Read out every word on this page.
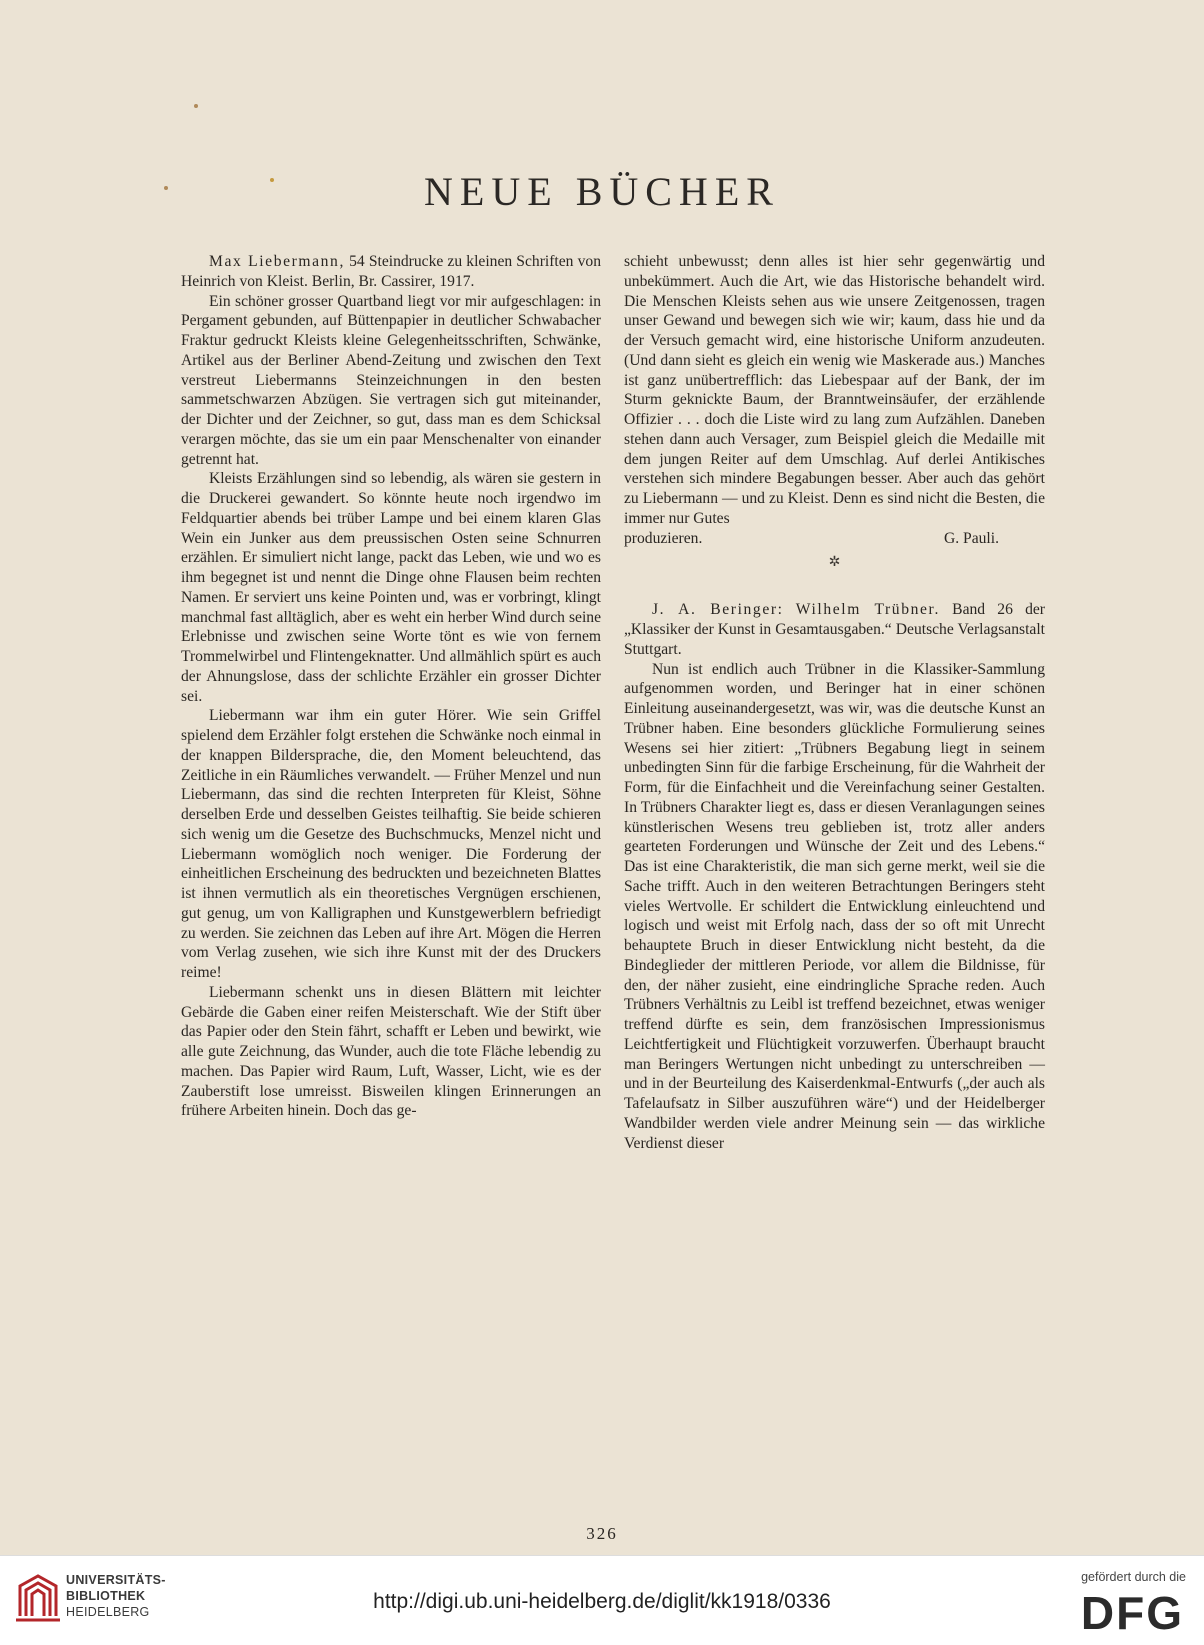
NEUE BÜCHER

Max Liebermann, 54 Steindrucke zu kleinen Schriften von Heinrich von Kleist. Berlin, Br. Cassirer, 1917.

Ein schöner grosser Quartband liegt vor mir aufgeschlagen: in Pergament gebunden, auf Büttenpapier in deutlicher Schwabacher Fraktur gedruckt Kleists kleine Gelegenheitsschriften, Schwänke, Artikel aus der Berliner Abend-Zeitung und zwischen den Text verstreut Liebermanns Steinzeichnungen in den besten sammetschwarzen Abzügen. Sie vertragen sich gut miteinander, der Dichter und der Zeichner, so gut, dass man es dem Schicksal verargen möchte, das sie um ein paar Menschenalter von einander getrennt hat.

Kleists Erzählungen sind so lebendig, als wären sie gestern in die Druckerei gewandert. So könnte heute noch irgendwo im Feldquartier abends bei trüber Lampe und bei einem klaren Glas Wein ein Junker aus dem preussischen Osten seine Schnurren erzählen. Er simuliert nicht lange, packt das Leben, wie und wo es ihm begegnet ist und nennt die Dinge ohne Flausen beim rechten Namen. Er serviert uns keine Pointen und, was er vorbringt, klingt manchmal fast alltäglich, aber es weht ein herber Wind durch seine Erlebnisse und zwischen seine Worte tönt es wie von fernem Trommelwirbel und Flintengeknatter. Und allmählich spürt es auch der Ahnungslose, dass der schlichte Erzähler ein grosser Dichter sei.

Liebermann war ihm ein guter Hörer. Wie sein Griffel spielend dem Erzähler folgt erstehen die Schwänke noch einmal in der knappen Bildersprache, die, den Moment beleuchtend, das Zeitliche in ein Räumliches verwandelt. — Früher Menzel und nun Liebermann, das sind die rechten Interpreten für Kleist, Söhne derselben Erde und desselben Geistes teilhaftig. Sie beide schieren sich wenig um die Gesetze des Buchschmucks, Menzel nicht und Liebermann womöglich noch weniger. Die Forderung der einheitlichen Erscheinung des bedruckten und bezeichneten Blattes ist ihnen vermutlich als ein theoretisches Vergnügen erschienen, gut genug, um von Kalligraphen und Kunstgewerblern befriedigt zu werden. Sie zeichnen das Leben auf ihre Art. Mögen die Herren vom Verlag zusehen, wie sich ihre Kunst mit der des Druckers reime!

Liebermann schenkt uns in diesen Blättern mit leichter Gebärde die Gaben einer reifen Meisterschaft. Wie der Stift über das Papier oder den Stein fährt, schafft er Leben und bewirkt, wie alle gute Zeichnung, das Wunder, auch die tote Fläche lebendig zu machen. Das Papier wird Raum, Luft, Wasser, Licht, wie es der Zauberstift lose umreisst. Bisweilen klingen Erinnerungen an frühere Arbeiten hinein. Doch das ge-

schieht unbewusst; denn alles ist hier sehr gegenwärtig und unbekümmert. Auch die Art, wie das Historische behandelt wird. Die Menschen Kleists sehen aus wie unsere Zeitgenossen, tragen unser Gewand und bewegen sich wie wir; kaum, dass hie und da der Versuch gemacht wird, eine historische Uniform anzudeuten. (Und dann sieht es gleich ein wenig wie Maskerade aus.) Manches ist ganz unübertrefflich: das Liebespaar auf der Bank, der im Sturm geknickte Baum, der Branntweinsäufer, der erzählende Offizier . . . doch die Liste wird zu lang zum Aufzählen. Daneben stehen dann auch Versager, zum Beispiel gleich die Medaille mit dem jungen Reiter auf dem Umschlag. Auf derlei Antikisches verstehen sich mindere Begabungen besser. Aber auch das gehört zu Liebermann — und zu Kleist. Denn es sind nicht die Besten, die immer nur Gutes

produzieren.	G. Pauli.
✲

J. A. Beringer: Wilhelm Trübner. Band 26 der „Klassiker der Kunst in Gesamtausgaben.“ Deutsche Verlagsanstalt Stuttgart.

Nun ist endlich auch Trübner in die Klassiker-Sammlung aufgenommen worden, und Beringer hat in einer schönen Einleitung auseinandergesetzt, was wir, was die deutsche Kunst an Trübner haben. Eine besonders glückliche Formulierung seines Wesens sei hier zitiert: „Trübners Begabung liegt in seinem unbedingten Sinn für die farbige Erscheinung, für die Wahrheit der Form, für die Einfachheit und die Vereinfachung seiner Gestalten. In Trübners Charakter liegt es, dass er diesen Veranlagungen seines künstlerischen Wesens treu geblieben ist, trotz aller anders gearteten Forderungen und Wünsche der Zeit und des Lebens.“ Das ist eine Charakteristik, die man sich gerne merkt, weil sie die Sache trifft. Auch in den weiteren Betrachtungen Beringers steht vieles Wertvolle. Er schildert die Entwicklung einleuchtend und logisch und weist mit Erfolg nach, dass der so oft mit Unrecht behauptete Bruch in dieser Entwicklung nicht besteht, da die Bindeglieder der mittleren Periode, vor allem die Bildnisse, für den, der näher zusieht, eine eindringliche Sprache reden. Auch Trübners Verhältnis zu Leibl ist treffend bezeichnet, etwas weniger treffend dürfte es sein, dem französischen Impressionismus Leichtfertigkeit und Flüchtigkeit vorzuwerfen. Überhaupt braucht man Beringers Wertungen nicht unbedingt zu unterschreiben — und in der Beurteilung des Kaiserdenkmal-Entwurfs („der auch als Tafelaufsatz in Silber auszuführen wäre“) und der Heidelberger Wandbilder werden viele andrer Meinung sein — das wirkliche Verdienst dieser

326
UNIVERSITÄTS-
BIBLIOTHEK
HEIDELBERG	http://digi.ub.uni-heidelberg.de/diglit/kk1918/0336
gefördert durch die
DFG
